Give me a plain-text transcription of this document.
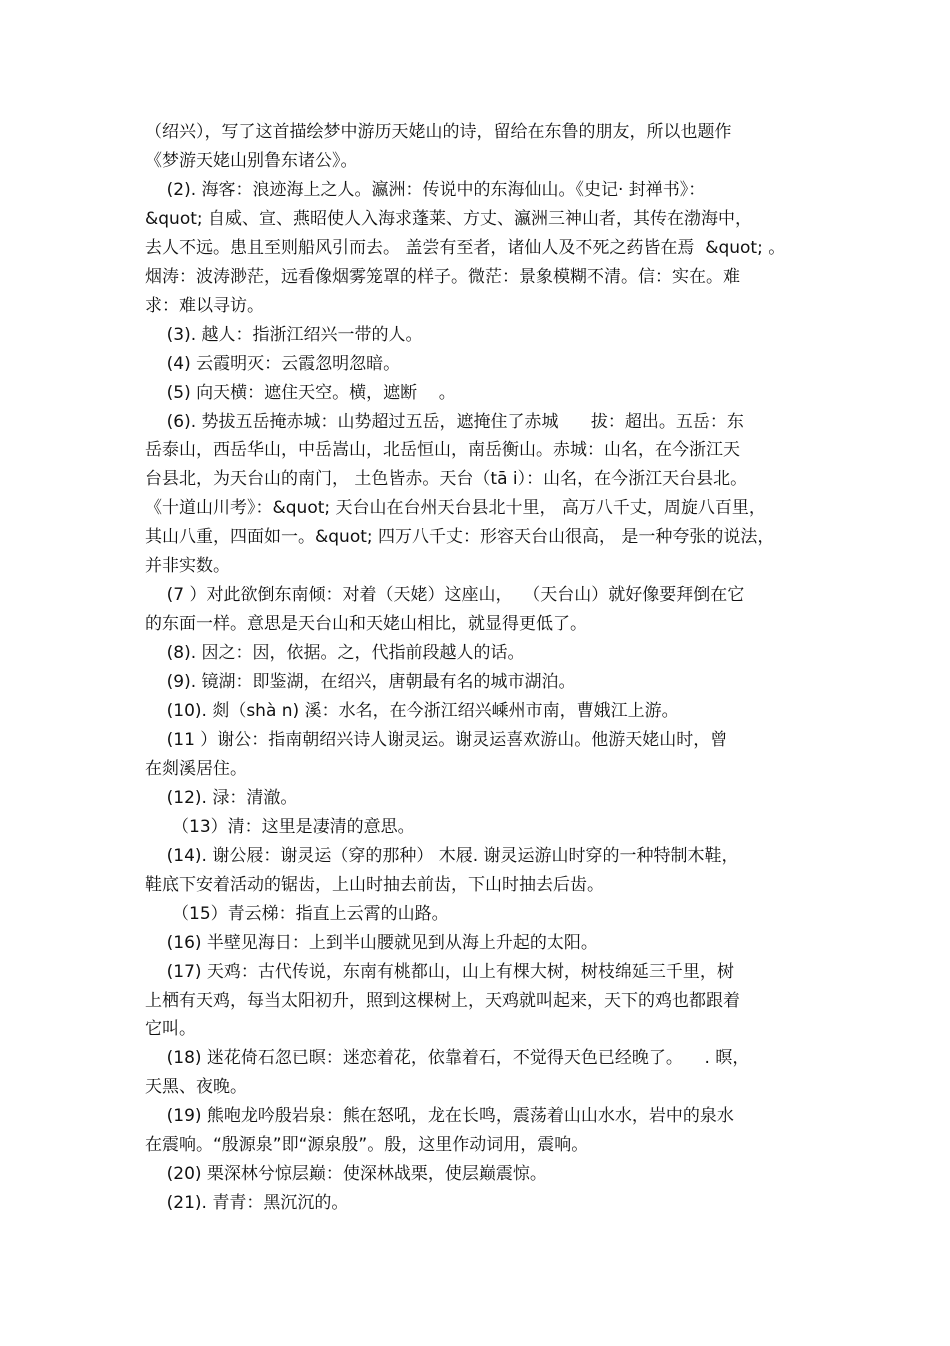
（绍兴），写了这首描绘梦中游历天姥山的诗，留给在东鲁的朋友，所以也题作
《梦游天姥山别鲁东诸公》。
(2). 海客：浪迹海上之人。瀛洲：传说中的东海仙山。《史记· 封禅书》：
&quot; 自威、宣、燕昭使人入海求蓬莱、方丈、瀛洲三神山者，其传在渤海中，
去人不远。患且至则船风引而去。 盖尝有至者，诸仙人及不死之药皆在焉  &quot; 。
烟涛：波涛渺茫，远看像烟雾笼罩的样子。微茫：景象模糊不清。信：实在。难
求：难以寻访。
(3). 越人：指浙江绍兴一带的人。
(4) 云霞明灭：云霞忽明忽暗。
(5) 向天横：遮住天空。横，遮断    。
(6). 势拔五岳掩赤城：山势超过五岳，遮掩住了赤城      拔：超出。五岳：东
岳泰山，西岳华山，中岳嵩山，北岳恒山，南岳衡山。赤城：山名，在今浙江天
台县北，为天台山的南门， 土色皆赤。天台（tā i）：山名，在今浙江天台县北。
《十道山川考》：&quot; 天台山在台州天台县北十里， 高万八千丈，周旋八百里，
其山八重，四面如一。&quot; 四万八千丈：形容天台山很高， 是一种夸张的说法，
并非实数。
(7 ）对此欲倒东南倾：对着（天姥）这座山，  （天台山）就好像要拜倒在它
的东面一样。意思是天台山和天姥山相比，就显得更低了。
(8). 因之：因，依据。之，代指前段越人的话。
(9). 镜湖：即鉴湖，在绍兴，唐朝最有名的城市湖泊。
(10). 剡（shà n) 溪：水名，在今浙江绍兴嵊州市南，曹娥江上游。
(11 ）谢公：指南朝绍兴诗人谢灵运。谢灵运喜欢游山。他游天姥山时，曾
在剡溪居住。
(12). 渌：清澈。
（13）清：这里是凄清的意思。
(14). 谢公屐：谢灵运（穿的那种） 木屐. 谢灵运游山时穿的一种特制木鞋，
鞋底下安着活动的锯齿，上山时抽去前齿，下山时抽去后齿。
（15）青云梯：指直上云霄的山路。
(16) 半壁见海日：上到半山腰就见到从海上升起的太阳。
(17) 天鸡：古代传说，东南有桃都山，山上有棵大树，树枝绵延三千里，树
上栖有天鸡，每当太阳初升，照到这棵树上，天鸡就叫起来，天下的鸡也都跟着
它叫。
(18) 迷花倚石忽已暝：迷恋着花，依靠着石，不觉得天色已经晚了。    . 暝，
天黑、夜晚。
(19) 熊咆龙吟殷岩泉：熊在怒吼，龙在长鸣，震荡着山山水水，岩中的泉水
在震响。“殷源泉”即“源泉殷”。殷，这里作动词用，震响。
(20) 栗深林兮惊层巅：使深林战栗，使层巅震惊。
(21). 青青：黑沉沉的。
